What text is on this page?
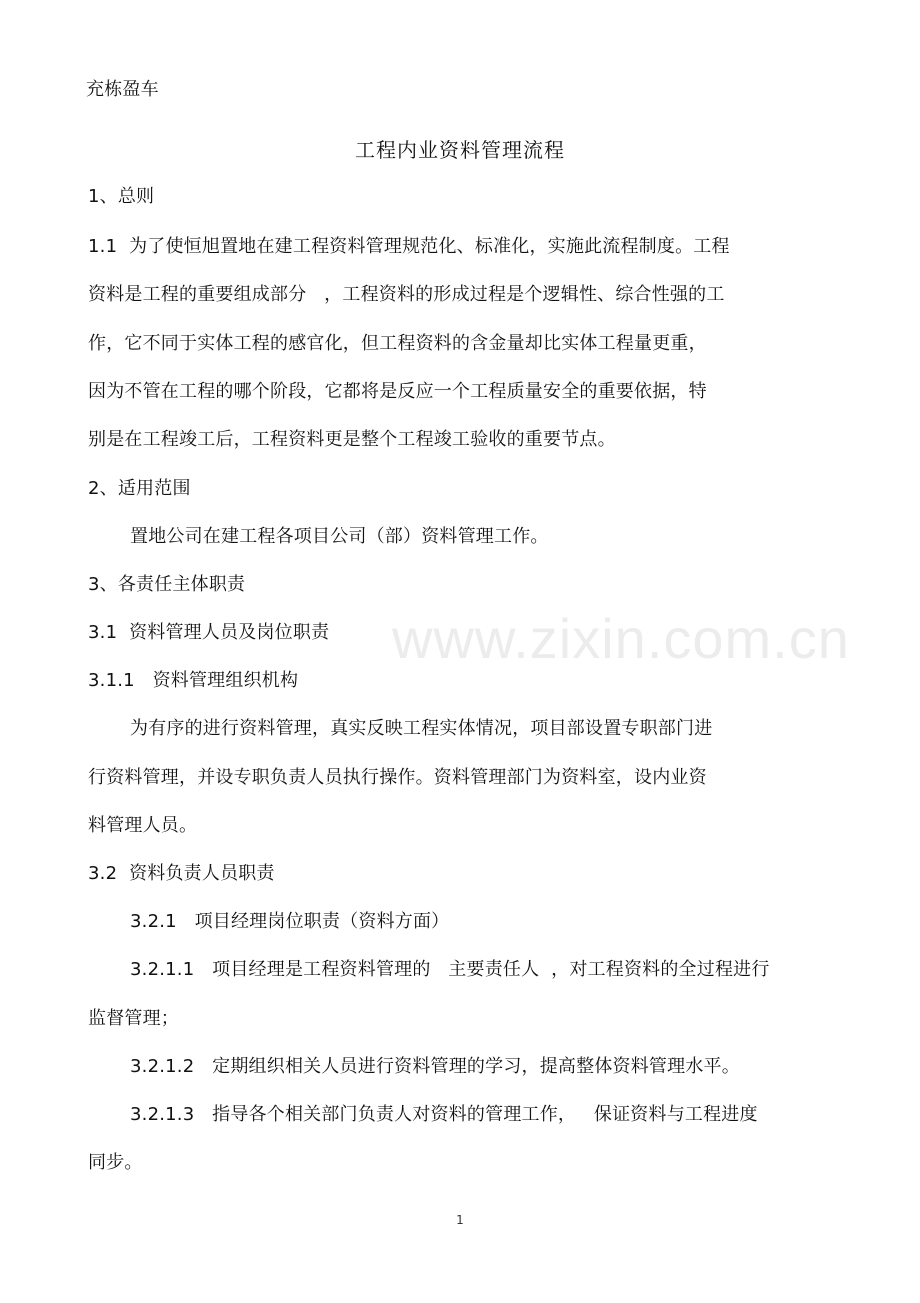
充栋盈车
工程内业资料管理流程
1、总则
1.1  为了使恒旭置地在建工程资料管理规范化、标准化，实施此流程制度。工程
资料是工程的重要组成部分   ，工程资料的形成过程是个逻辑性、综合性强的工
作，它不同于实体工程的感官化，但工程资料的含金量却比实体工程量更重，
因为不管在工程的哪个阶段，它都将是反应一个工程质量安全的重要依据，特
别是在工程竣工后，工程资料更是整个工程竣工验收的重要节点。
2、适用范围
置地公司在建工程各项目公司（部）资料管理工作。
3、各责任主体职责
3.1  资料管理人员及岗位职责
3.1.1   资料管理组织机构
为有序的进行资料管理，真实反映工程实体情况，项目部设置专职部门进
行资料管理，并设专职负责人员执行操作。资料管理部门为资料室，设内业资
料管理人员。
3.2  资料负责人员职责
3.2.1   项目经理岗位职责（资料方面）
3.2.1.1   项目经理是工程资料管理的   主要责任人  ，对工程资料的全过程进行
监督管理；
3.2.1.2   定期组织相关人员进行资料管理的学习，提高整体资料管理水平。
3.2.1.3   指导各个相关部门负责人对资料的管理工作，   保证资料与工程进度
同步。
www.zixin.com.cn
1
